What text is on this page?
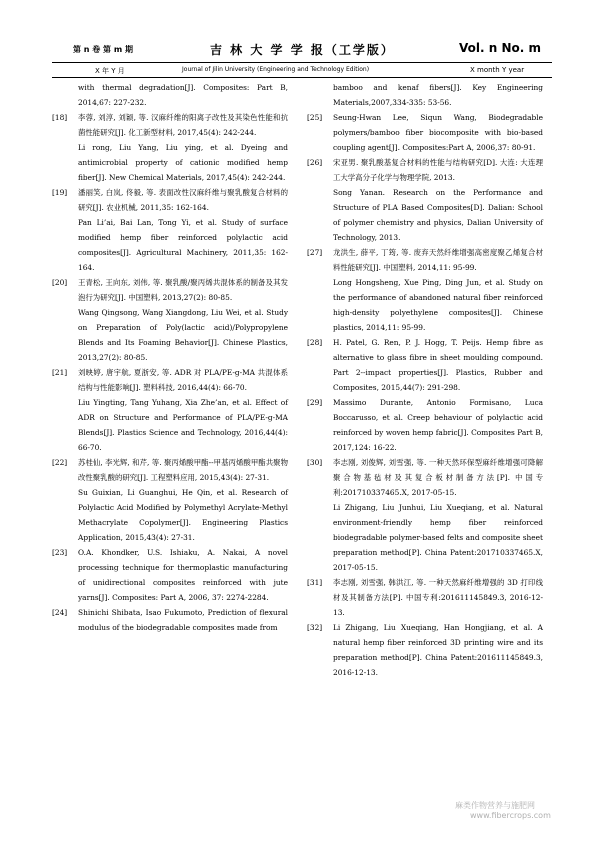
第 n 卷 第 m 期	吉 林 大 学 学 报（工学版）	Vol. n No. m
X 年 Y 月	Journal of Jilin University (Engineering and Technology Edition)	X month Y year

with thermal degradation[J]. Composites: Part B, 2014,67: 227-232.

[18] 李蓉, 刘淳, 刘颖, 等. 汉麻纤维的阳离子改性及其染色性能和抗菌性能研究[J]. 化工新型材料, 2017,45(4): 242-244.

Li rong, Liu Yang, Liu ying, et al. Dyeing and antimicrobial property of cationic modified hemp fiber[J]. New Chemical Materials, 2017,45(4): 242-244.

[19] 潘丽笑, 白岚, 佟毅, 等. 表面改性汉麻纤维与聚乳酸复合材料的研究[J]. 农业机械, 2011,35: 162-164.

Pan Li’ai, Bai Lan, Tong Yi, et al. Study of surface modified hemp fiber reinforced polylactic acid composites[J]. Agricultural Machinery, 2011,35: 162-164.

[20] 王青松, 王向东, 刘伟, 等. 聚乳酸/聚丙烯共混体系的制备及其发泡行为研究[J]. 中国塑料, 2013,27(2): 80-85.

Wang Qingsong, Wang Xiangdong, Liu Wei, et al. Study on Preparation of Poly(lactic acid)/Polypropylene Blends and Its Foaming Behavior[J]. Chinese Plastics, 2013,27(2): 80-85.

[21] 刘映婷, 唐宇航, 夏浙安, 等. ADR 对 PLA/PE-g-MA 共混体系结构与性能影响[J]. 塑料科技, 2016,44(4): 66-70.

Liu Yingting, Tang Yuhang, Xia Zhe’an, et al. Effect of ADR on Structure and Performance of PLA/PE-g-MA Blends[J]. Plastics Science and Technology, 2016,44(4): 66-70.

[22] 苏桂仙, 李光辉, 和芹, 等. 聚丙烯酸甲酯--甲基丙烯酸甲酯共聚物改性聚乳酸的研究[J]. 工程塑料应用, 2015,43(4): 27-31.

Su Guixian, Li Guanghui, He Qin, et al. Research of Polylactic Acid Modified by Polymethyl Acrylate-Methyl Methacrylate Copolymer[J]. Engineering Plastics Application, 2015,43(4): 27-31.

[23] O.A. Khondker, U.S. Ishiaku, A. Nakai, A novel processing technique for thermoplastic manufacturing of unidirectional composites reinforced with jute yarns[J]. Composites: Part A, 2006, 37: 2274-2284.

[24] Shinichi Shibata, Isao Fukumoto, Prediction of flexural modulus of the biodegradable composites made from

bamboo and kenaf fibers[J]. Key Engineering Materials,2007,334-335: 53-56.

[25] Seung-Hwan Lee, Siqun Wang, Biodegradable polymers/bamboo fiber biocomposite with bio-based coupling agent[J]. Composites:Part A, 2006,37: 80-91.

[26] 宋亚男. 聚乳酸基复合材料的性能与结构研究[D]. 大连: 大连理工大学高分子化学与物理学院, 2013.

Song Yanan. Research on the Performance and Structure of PLA Based Composites[D]. Dalian: School of polymer chemistry and physics, Dalian University of Technology, 2013.

[27] 龙洪生, 薛平, 丁筠, 等. 废弃天然纤维增强高密度聚乙烯复合材料性能研究[J]. 中国塑料, 2014,11: 95-99.

Long Hongsheng, Xue Ping, Ding Jun, et al. Study on the performance of abandoned natural fiber reinforced high-density polyethylene composites[J]. Chinese plastics, 2014,11: 95-99.

[28] H. Patel, G. Ren, P. J. Hogg, T. Peijs. Hemp fibre as alternative to glass fibre in sheet moulding compound. Part 2--impact properties[J]. Plastics, Rubber and Composites, 2015,44(7): 291-298.

[29] Massimo Durante, Antonio Formisano, Luca Boccarusso, et al. Creep behaviour of polylactic acid reinforced by woven hemp fabric[J]. Composites Part B, 2017,124: 16-22.

[30] 李志刚, 刘俊辉, 刘雪强, 等. 一种天然环保型麻纤维增强可降解聚合物基毡材及其复合板材制备方法[P]. 中国专利:201710337465.X, 2017-05-15.

Li Zhigang, Liu Junhui, Liu Xueqiang, et al. Natural environment-friendly hemp fiber reinforced biodegradable polymer-based felts and composite sheet preparation method[P]. China Patent:201710337465.X, 2017-05-15.

[31] 李志刚, 刘雪强, 韩洪江, 等. 一种天然麻纤维增强的 3D 打印线材及其制备方法[P]. 中国专利:201611145849.3, 2016-12-13.

[32] Li Zhigang, Liu Xueqiang, Han Hongjiang, et al. A natural hemp fiber reinforced 3D printing wire and its preparation method[P]. China Patent:201611145849.3, 2016-12-13.

麻类作物营养与施肥网
www.fibercrops.com
